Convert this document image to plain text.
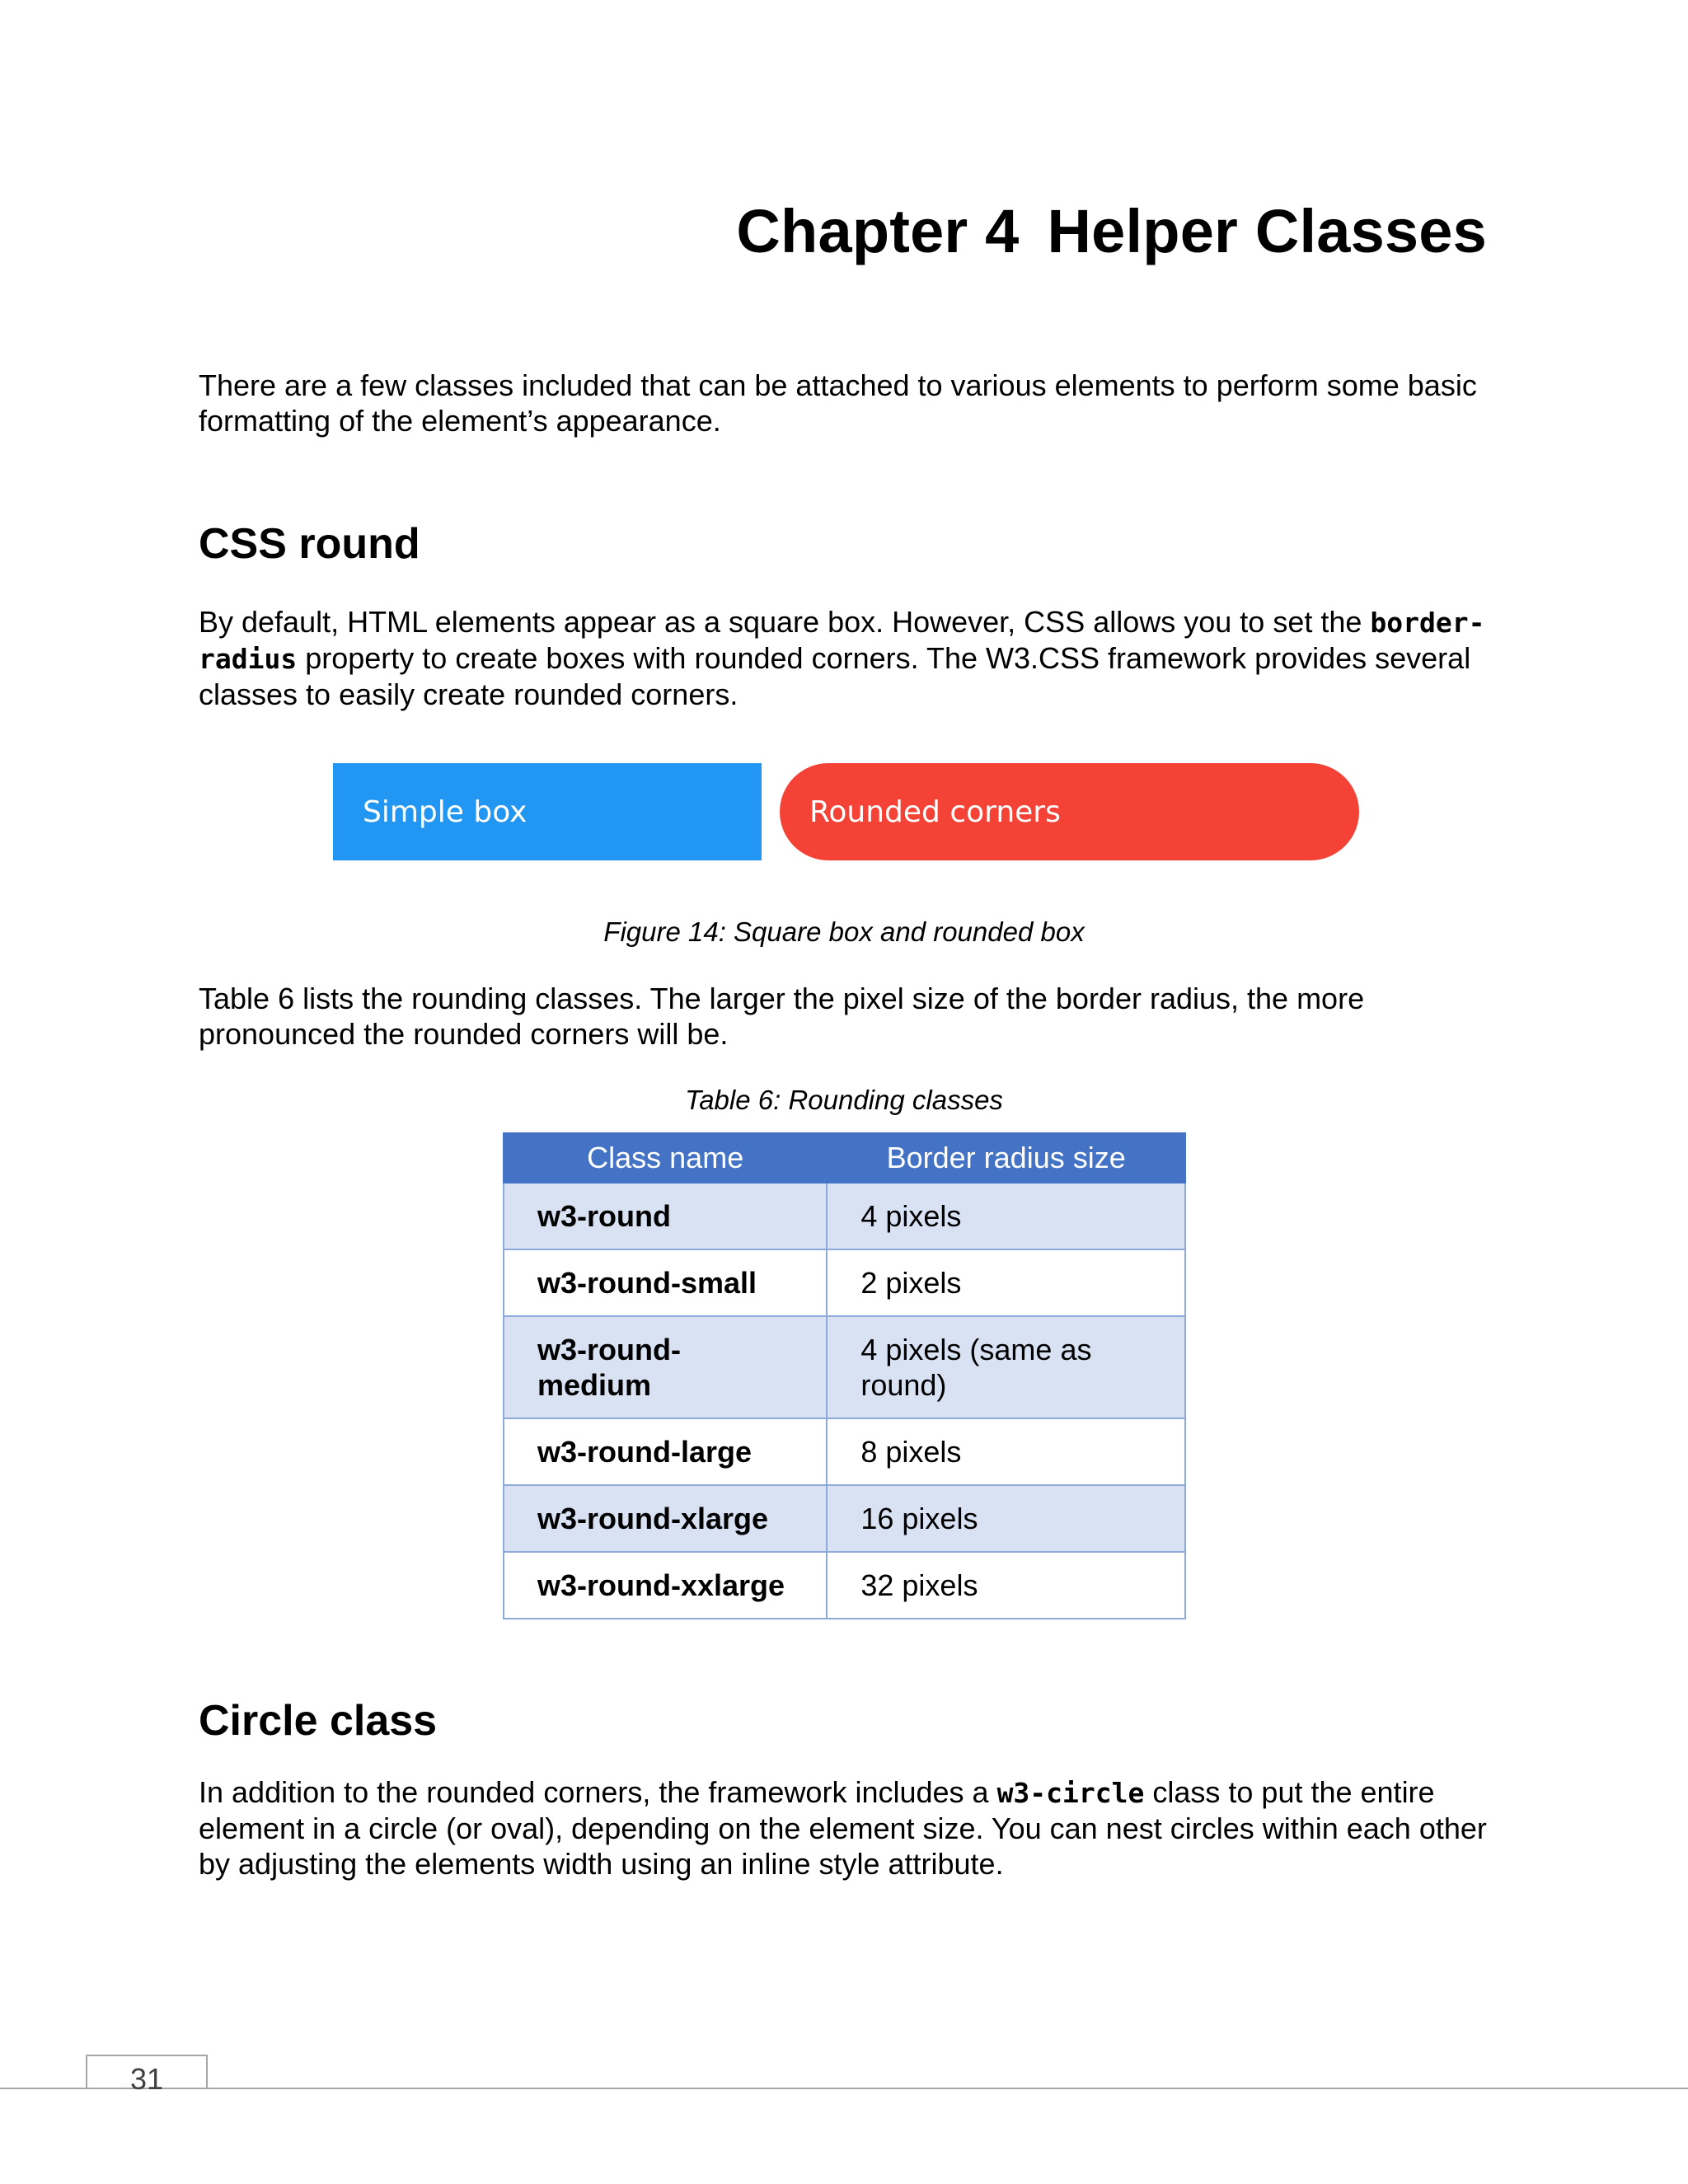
Chapter 4 Helper Classes

There are a few classes included that can be attached to various elements to perform some basic formatting of the element’s appearance.

CSS round

By default, HTML elements appear as a square box. However, CSS allows you to set the border- radius property to create boxes with rounded corners. The W3.CSS framework provides several classes to easily create rounded corners.

Simple box	Rounded corners

Figure 14: Square box and rounded box

Table 6 lists the rounding classes. The larger the pixel size of the border radius, the more pronounced the rounded corners will be.

Table 6: Rounding classes

Class name	Border radius size
w3-round	4 pixels
w3-round-small	2 pixels
w3-round-medium	4 pixels (same as round)
w3-round-large	8 pixels
w3-round-xlarge	16 pixels
w3-round-xxlarge	32 pixels
Circle class

In addition to the rounded corners, the framework includes a w3-circle class to put the entire element in a circle (or oval), depending on the element size. You can nest circles within each other by adjusting the elements width using an inline style attribute.

31
